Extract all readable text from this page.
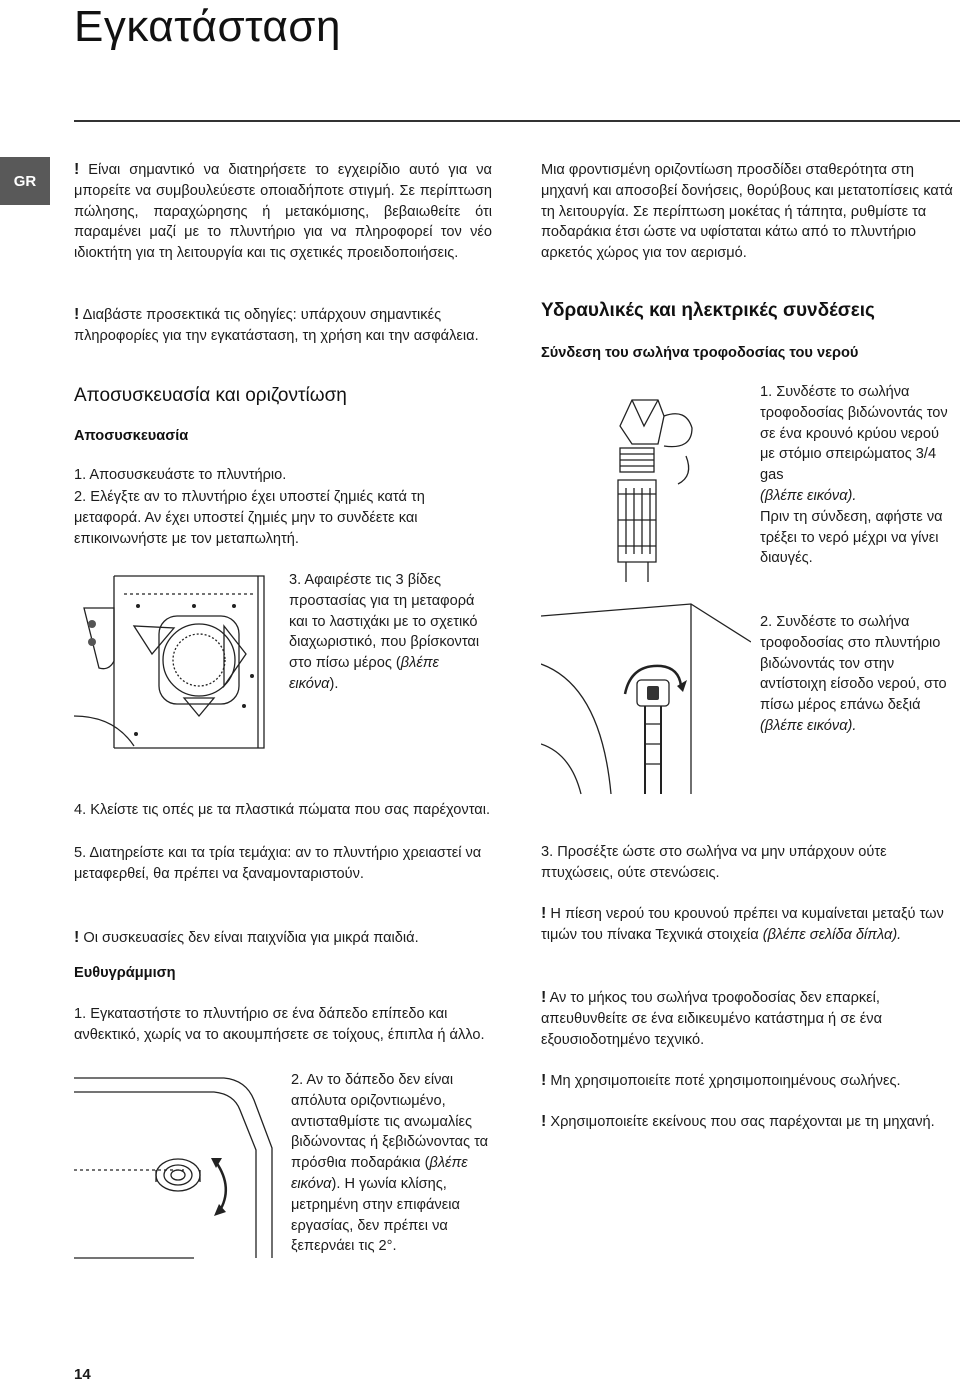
Εγκατάσταση
GR

! Είναι σημαντικό να διατηρήσετε το εγχειρίδιο αυτό για να μπορείτε να συμβουλεύεστε οποιαδήποτε στιγμή. Σε περίπτωση πώλησης, παραχώρησης ή μετακόμισης, βεβαιωθείτε ότι παραμένει μαζί με το πλυντήριο για να πληροφορεί τον νέο ιδιοκτήτη για τη λειτουργία και τις σχετικές προειδοποιήσεις.

! Διαβάστε προσεκτικά τις οδηγίες: υπάρχουν σημαντικές πληροφορίες για την εγκατάσταση, τη χρήση και την ασφάλεια.

Αποσυσκευασία και οριζοντίωση
Αποσυσκευασία

1. Αποσυσκευάστε το πλυντήριο.

2. Ελέγξτε αν το πλυντήριο έχει υποστεί ζημιές κατά τη μεταφορά. Αν έχει υποστεί ζημιές μην το συνδέετε και επικοινωνήστε με τον μεταπωλητή.

3. Αφαιρέστε τις 3 βίδες προστασίας για τη μεταφορά και το λαστιχάκι με το σχετικό διαχωριστικό, που βρίσκονται στο πίσω μέρος (βλέπε εικόνα).

4. Κλείστε τις οπές με τα πλαστικά πώματα που σας παρέχονται.

5. Διατηρείστε και τα τρία τεμάχια: αν το πλυντήριο χρειαστεί να μεταφερθεί, θα πρέπει να ξαναμονταριστούν.

! Οι συσκευασίες δεν είναι παιχνίδια για μικρά παιδιά.

Ευθυγράμμιση

1. Εγκαταστήστε το πλυντήριο σε ένα δάπεδο επίπεδο και ανθεκτικό, χωρίς να το ακουμπήσετε σε τοίχους, έπιπλα ή άλλο.

2. Αν το δάπεδο δεν είναι απόλυτα οριζοντιωμένο, αντισταθμίστε τις ανωμαλίες βιδώνοντας ή ξεβιδώνοντας τα πρόσθια ποδαράκια (βλέπε εικόνα). Η γωνία κλίσης, μετρημένη στην επιφάνεια εργασίας, δεν πρέπει να ξεπερνάει τις 2°.

Μια φροντισμένη οριζοντίωση προσδίδει σταθερότητα στη μηχανή και αποσοβεί δονήσεις, θορύβους και μετατοπίσεις κατά τη λειτουργία. Σε περίπτωση μοκέτας ή τάπητα, ρυθμίστε τα ποδαράκια έτσι ώστε να υφίσταται κάτω από το πλυντήριο αρκετός χώρος για τον αερισμό.

Υδραυλικές και ηλεκτρικές συνδέσεις
Σύνδεση του σωλήνα τροφοδοσίας του νερού

1. Συνδέστε το σωλήνα τροφοδοσίας βιδώνοντάς τον σε ένα κρουνό κρύου νερού με στόμιο σπειρώματος 3/4 gas
(βλέπε εικόνα).
Πριν τη σύνδεση, αφήστε να τρέξει το νερό μέχρι να γίνει διαυγές.

2. Συνδέστε το σωλήνα τροφοδοσίας στο πλυντήριο βιδώνοντάς τον στην αντίστοιχη είσοδο νερού, στο πίσω μέρος επάνω δεξιά (βλέπε εικόνα).

3. Προσέξτε ώστε στο σωλήνα να μην υπάρχουν ούτε πτυχώσεις, ούτε στενώσεις.

! Η πίεση νερού του κρουνού πρέπει να κυμαίνεται μεταξύ των τιμών του πίνακα Τεχνικά στοιχεία (βλέπε σελίδα δίπλα).

! Αν το μήκος του σωλήνα τροφοδοσίας δεν επαρκεί, απευθυνθείτε σε ένα ειδικευμένο κατάστημα ή σε ένα εξουσιοδοτημένο τεχνικό.

! Μη χρησιμοποιείτε ποτέ χρησιμοποιημένους σωλήνες.

! Χρησιμοποιείτε εκείνους που σας παρέχονται με τη μηχανή.

14
